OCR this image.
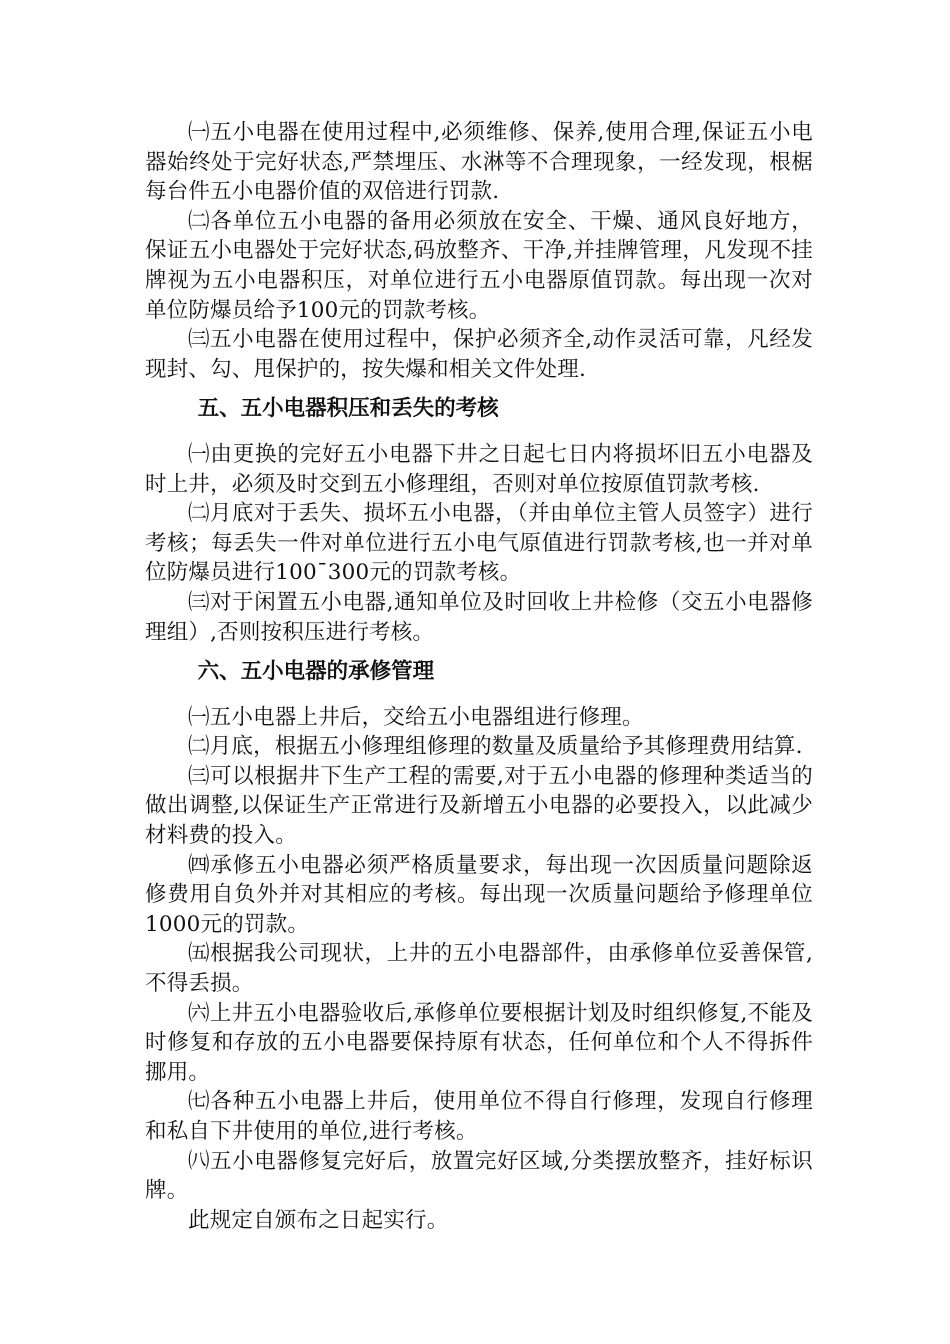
㈠五小电器在使用过程中,必须维修、保养,使用合理,保证五小电器始终处于完好状态,严禁埋压、水淋等不合理现象，一经发现，根椐每台件五小电器价值的双倍进行罚款.

㈡各单位五小电器的备用必须放在安全、干燥、通风良好地方，保证五小电器处于完好状态,码放整齐、干净,并挂牌管理，凡发现不挂牌视为五小电器积压，对单位进行五小电器原值罚款。每出现一次对单位防爆员给予100元的罚款考核。

㈢五小电器在使用过程中，保护必须齐全,动作灵活可靠，凡经发现封、勾、甩保护的，按失爆和相关文件处理.

五、五小电器积压和丢失的考核

㈠由更换的完好五小电器下井之日起七日内将损坏旧五小电器及时上井，必须及时交到五小修理组，否则对单位按原值罚款考核.

㈡月底对于丢失、损坏五小电器，（并由单位主管人员签字）进行考核；每丢失一件对单位进行五小电气原值进行罚款考核,也一并对单位防爆员进行100¯300元的罚款考核。

㈢对于闲置五小电器,通知单位及时回收上井检修（交五小电器修理组）,否则按积压进行考核。

六、五小电器的承修管理

㈠五小电器上井后，交给五小电器组进行修理。

㈡月底，根据五小修理组修理的数量及质量给予其修理费用结算.

㈢可以根据井下生产工程的需要,对于五小电器的修理种类适当的做出调整,以保证生产正常进行及新增五小电器的必要投入，以此减少材料费的投入。

㈣承修五小电器必须严格质量要求，每出现一次因质量问题除返修费用自负外并对其相应的考核。每出现一次质量问题给予修理单位1000元的罚款。

㈤根据我公司现状，上井的五小电器部件，由承修单位妥善保管,不得丢损。

㈥上井五小电器验收后,承修单位要根据计划及时组织修复,不能及时修复和存放的五小电器要保持原有状态，任何单位和个人不得拆件挪用。

㈦各种五小电器上井后，使用单位不得自行修理，发现自行修理和私自下井使用的单位,进行考核。

㈧五小电器修复完好后，放置完好区域,分类摆放整齐，挂好标识牌。

此规定自颁布之日起实行。
